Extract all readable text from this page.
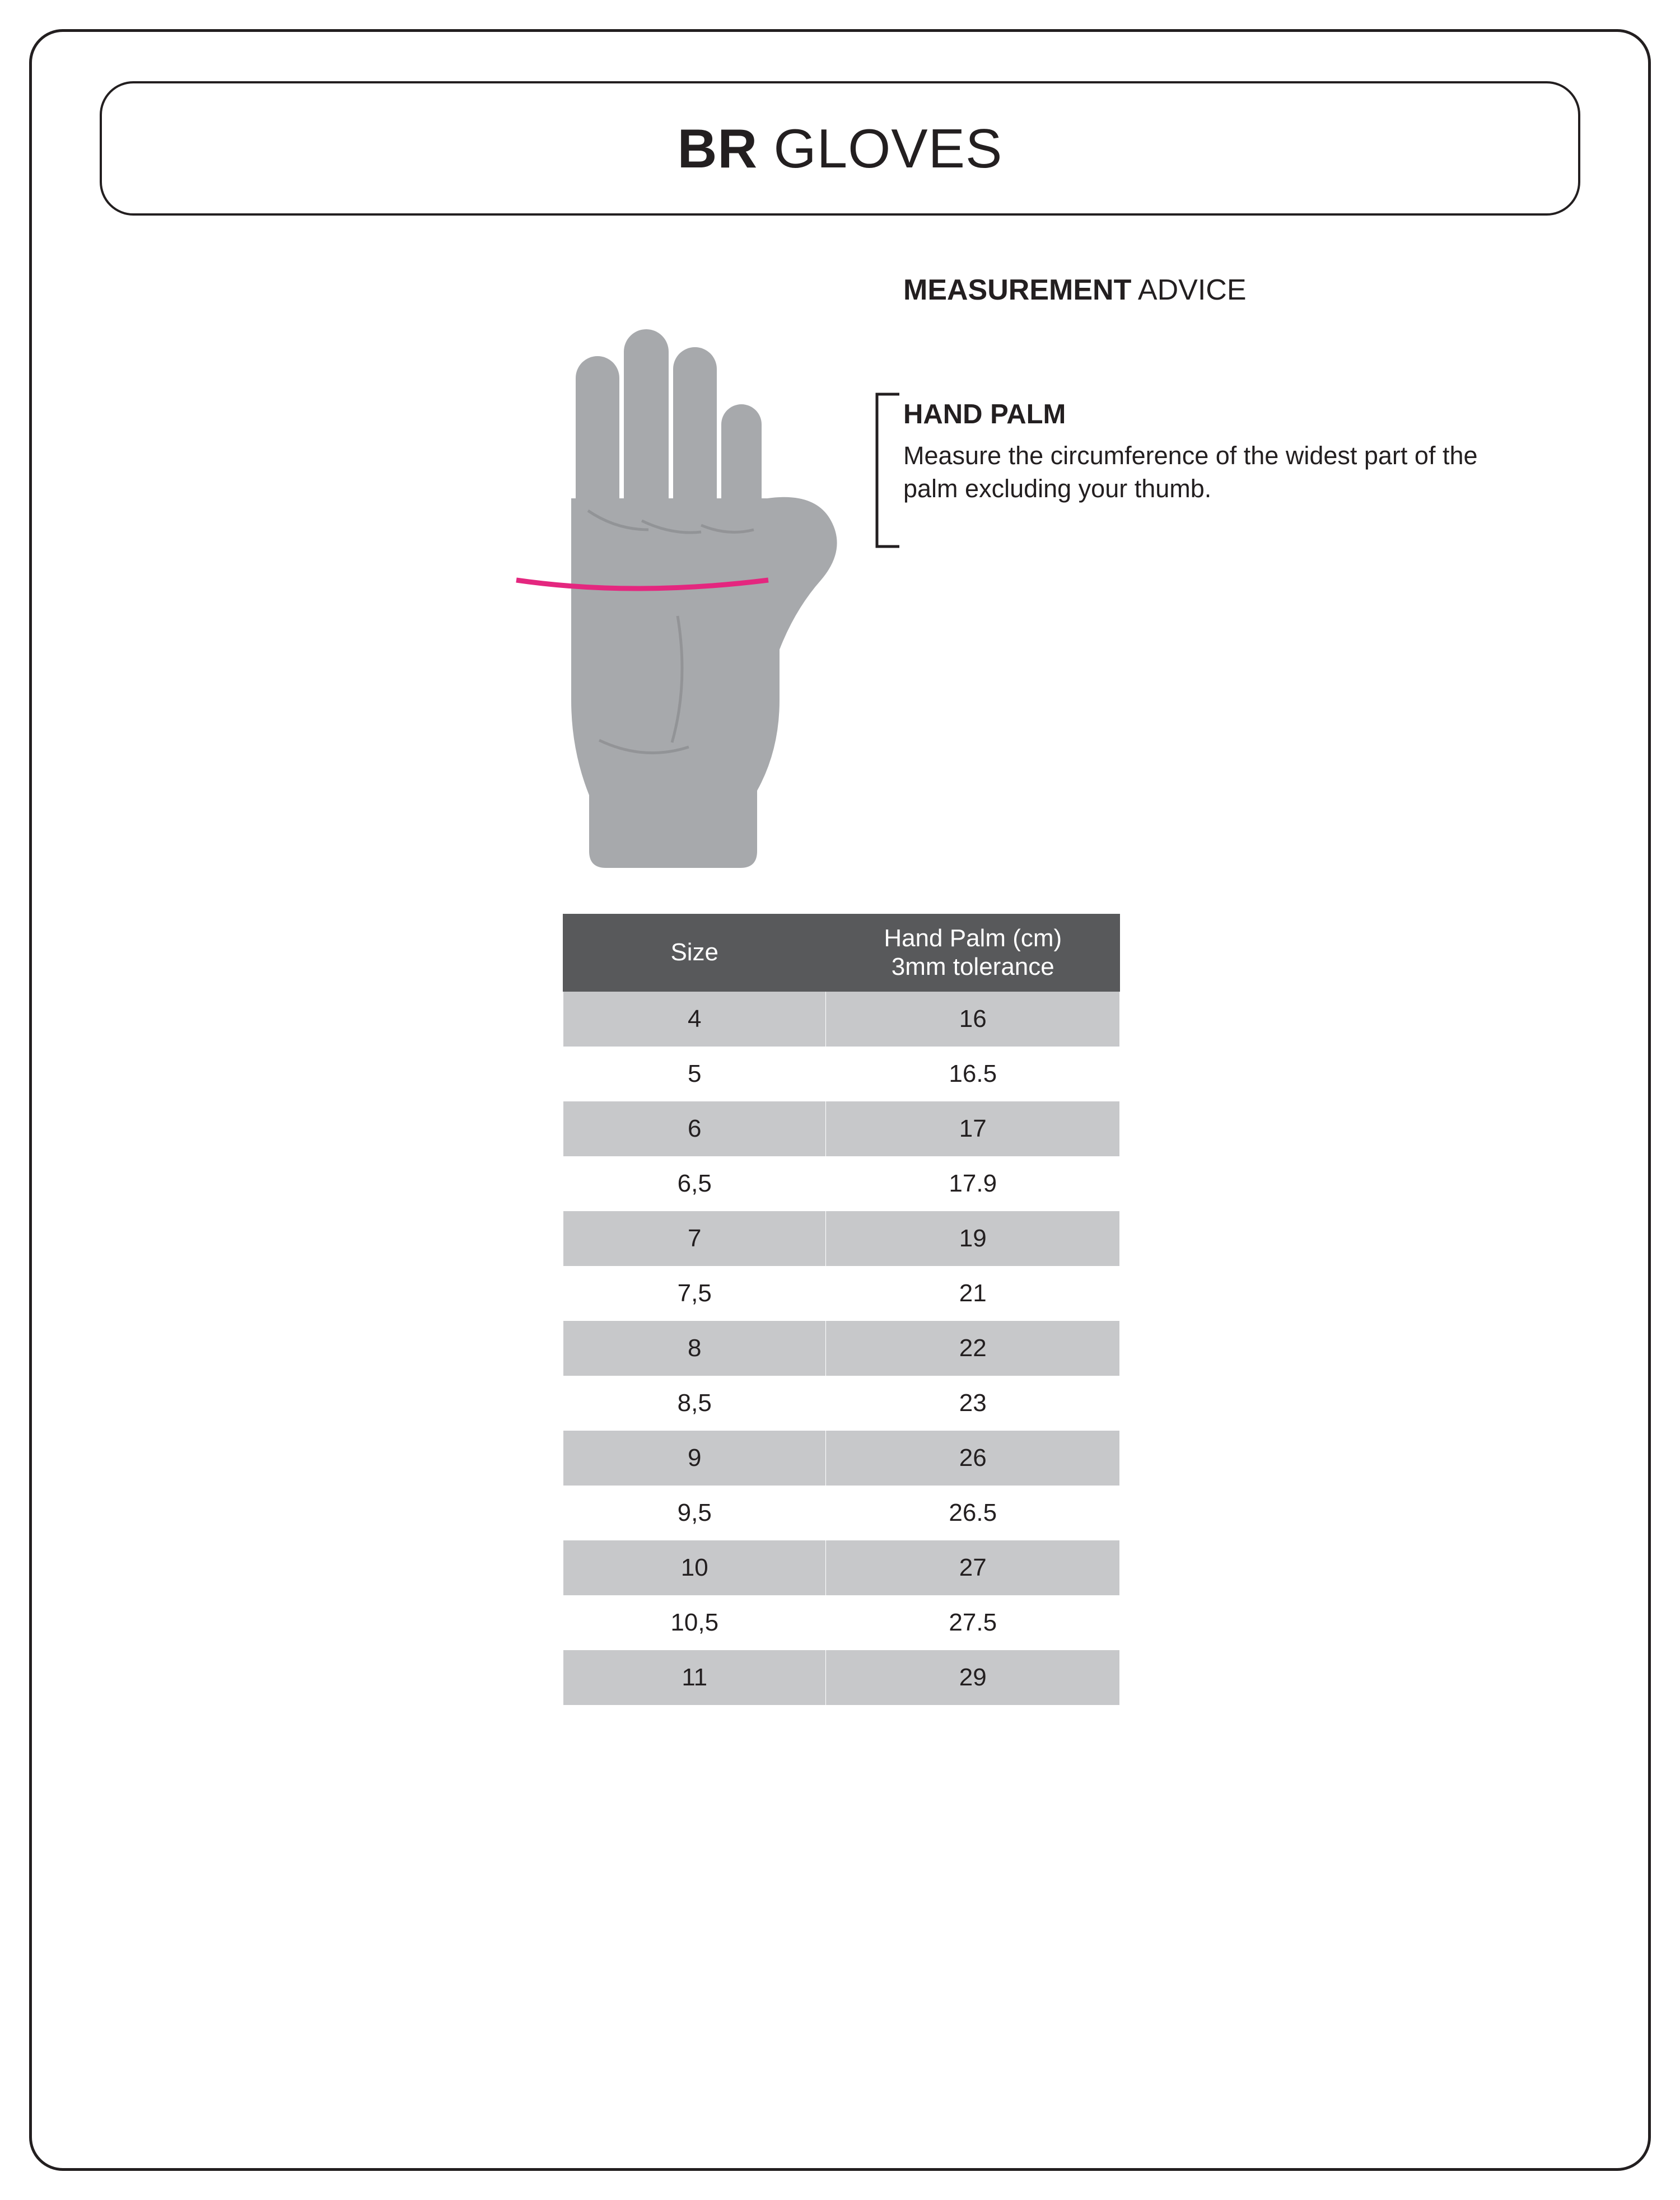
BR GLOVES
MEASUREMENT ADVICE
HAND PALM
Measure the circumference of the widest part of the palm excluding your thumb.
Size	Hand Palm (cm)
3mm tolerance

4	16
5	16.5
6	17
6,5	17.9
7	19
7,5	21
8	22
8,5	23
9	26
9,5	26.5
10	27
10,5	27.5
11	29
